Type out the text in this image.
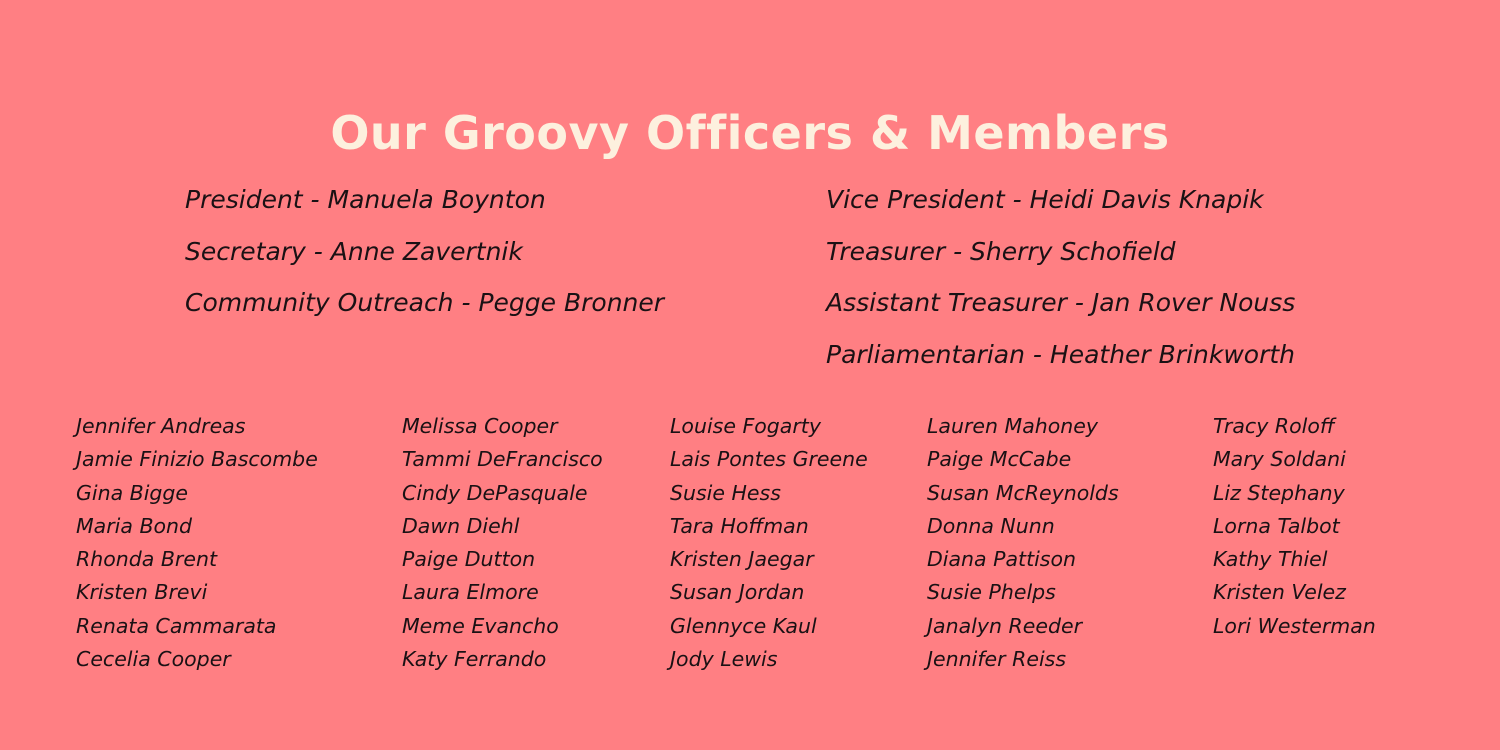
Our Groovy Officers & Members
President - Manuela Boynton
Secretary - Anne Zavertnik
Community Outreach - Pegge Bronner
Vice President - Heidi Davis Knapik
Treasurer - Sherry Schofield
Assistant Treasurer - Jan Rover Nouss
Parliamentarian - Heather Brinkworth
Jennifer Andreas
Jamie Finizio Bascombe
Gina Bigge
Maria Bond
Rhonda Brent
Kristen Brevi
Renata Cammarata
Cecelia Cooper
Melissa Cooper
Tammi DeFrancisco
Cindy DePasquale
Dawn Diehl
Paige Dutton
Laura Elmore
Meme Evancho
Katy Ferrando
Louise Fogarty
Lais Pontes Greene
Susie Hess
Tara Hoffman
Kristen Jaegar
Susan Jordan
Glennyce Kaul
Jody Lewis
Lauren Mahoney
Paige McCabe
Susan McReynolds
Donna Nunn
Diana Pattison
Susie Phelps
Janalyn Reeder
Jennifer Reiss
Tracy Roloff
Mary Soldani
Liz Stephany
Lorna Talbot
Kathy Thiel
Kristen Velez
Lori Westerman
